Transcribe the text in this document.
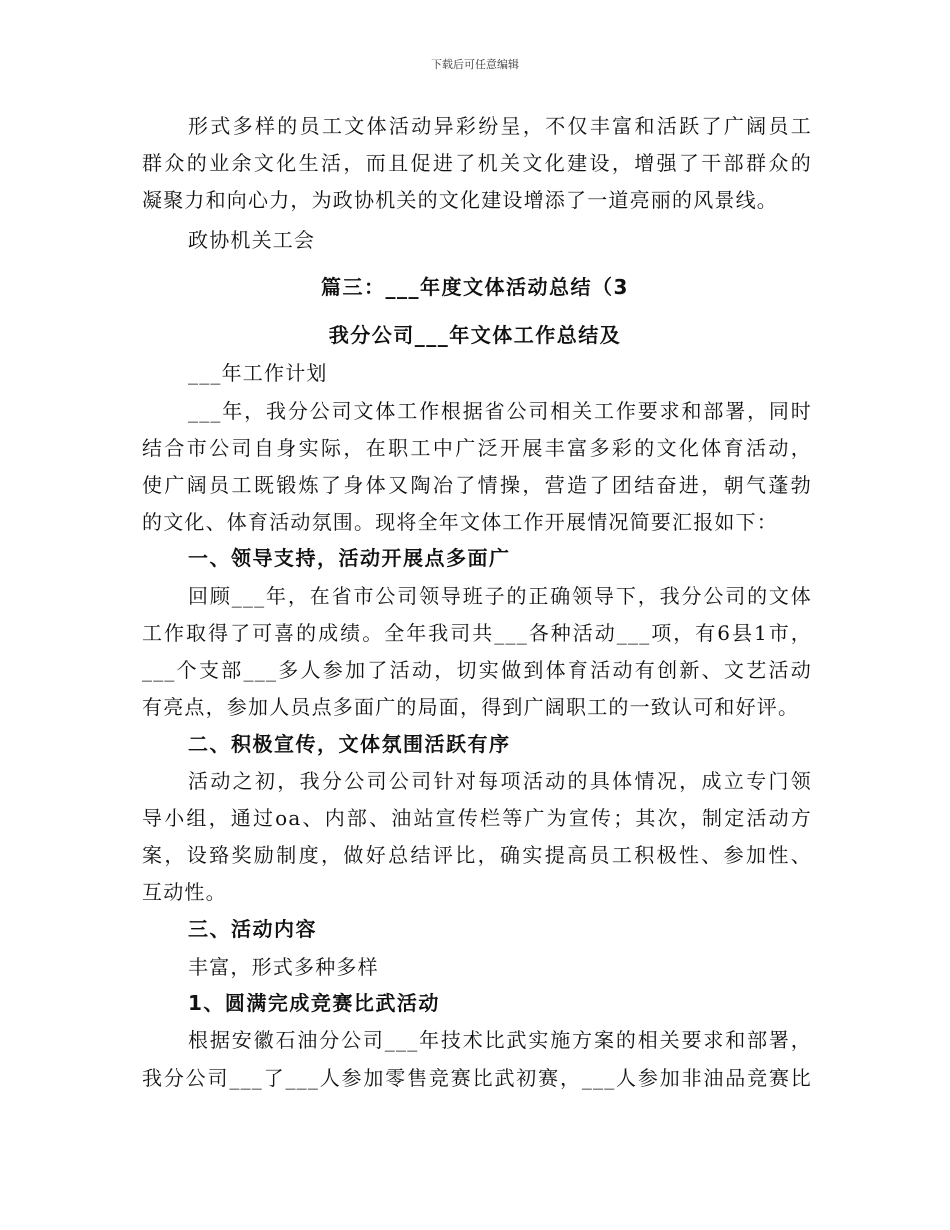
下载后可任意编辑
形式多样的员工文体活动异彩纷呈，不仅丰富和活跃了广阔员工
群众的业余文化生活，而且促进了机关文化建设，增强了干部群众的
凝聚力和向心力，为政协机关的文化建设增添了一道亮丽的风景线。
政协机关工会
篇三：___年度文体活动总结（3
我分公司___年文体工作总结及
___年工作计划
___年，我分公司文体工作根据省公司相关工作要求和部署，同时
结合市公司自身实际，在职工中广泛开展丰富多彩的文化体育活动，
使广阔员工既锻炼了身体又陶冶了情操，营造了团结奋进，朝气蓬勃
的文化、体育活动氛围。现将全年文体工作开展情况简要汇报如下：
一、领导支持，活动开展点多面广
回顾___年，在省市公司领导班子的正确领导下，我分公司的文体
工作取得了可喜的成绩。全年我司共___各种活动___项，有6县1市，
___个支部___多人参加了活动，切实做到体育活动有创新、文艺活动
有亮点，参加人员点多面广的局面，得到广阔职工的一致认可和好评。
二、积极宣传，文体氛围活跃有序
活动之初，我分公司公司针对每项活动的具体情况，成立专门领
导小组，通过oa、内部、油站宣传栏等广为宣传；其次，制定活动方
案，设臵奖励制度，做好总结评比，确实提高员工积极性、参加性、
互动性。
三、活动内容
丰富，形式多种多样
1、圆满完成竞赛比武活动
根据安徽石油分公司___年技术比武实施方案的相关要求和部署，
我分公司___了___人参加零售竞赛比武初赛，___人参加非油品竞赛比
